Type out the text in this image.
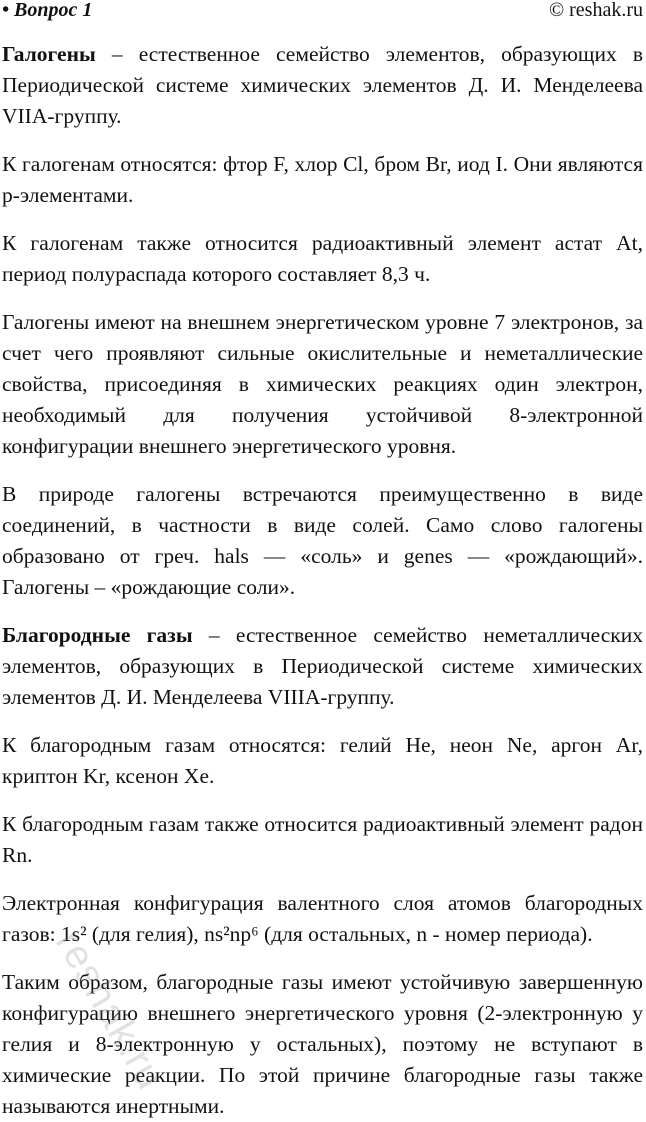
• Вопрос 1	© reshak.ru

Галогены – естественное семейство элементов, образующих в Периодической системе химических элементов Д. И. Менделеева VIIA-группу.

К галогенам относятся: фтор F, хлор Cl, бром Br, иод I. Они являются р-элементами.

К галогенам также относится радиоактивный элемент астат At, период полураспада которого составляет 8,3 ч.

Галогены имеют на внешнем энергетическом уровне 7 электронов, за счет чего проявляют сильные окислительные и неметаллические свойства, присоединяя в химических реакциях один электрон, необходимый для получения устойчивой 8-электронной конфигурации внешнего энергетического уровня.

В природе галогены встречаются преимущественно в виде соединений, в частности в виде солей. Само слово галогены образовано от греч. hals — «соль» и genes — «рождающий». Галогены – «рождающие соли».

Благородные газы – естественное семейство неметаллических элементов, образующих в Периодической системе химических элементов Д. И. Менделеева VIIIA-группу.

К благородным газам относятся: гелий He, неон Ne, аргон Ar, криптон Kr, ксенон Xe.

К благородным газам также относится радиоактивный элемент радон Rn.

Электронная конфигурация валентного слоя атомов благородных газов: 1s² (для гелия), ns²np⁶ (для остальных, n - номер периода).

Таким образом, благородные газы имеют устойчивую завершенную конфигурацию внешнего энергетического уровня (2-электронную у гелия и 8-электронную у остальных), поэтому не вступают в химические реакции. По этой причине благородные газы также называются инертными.

reshak.ru
